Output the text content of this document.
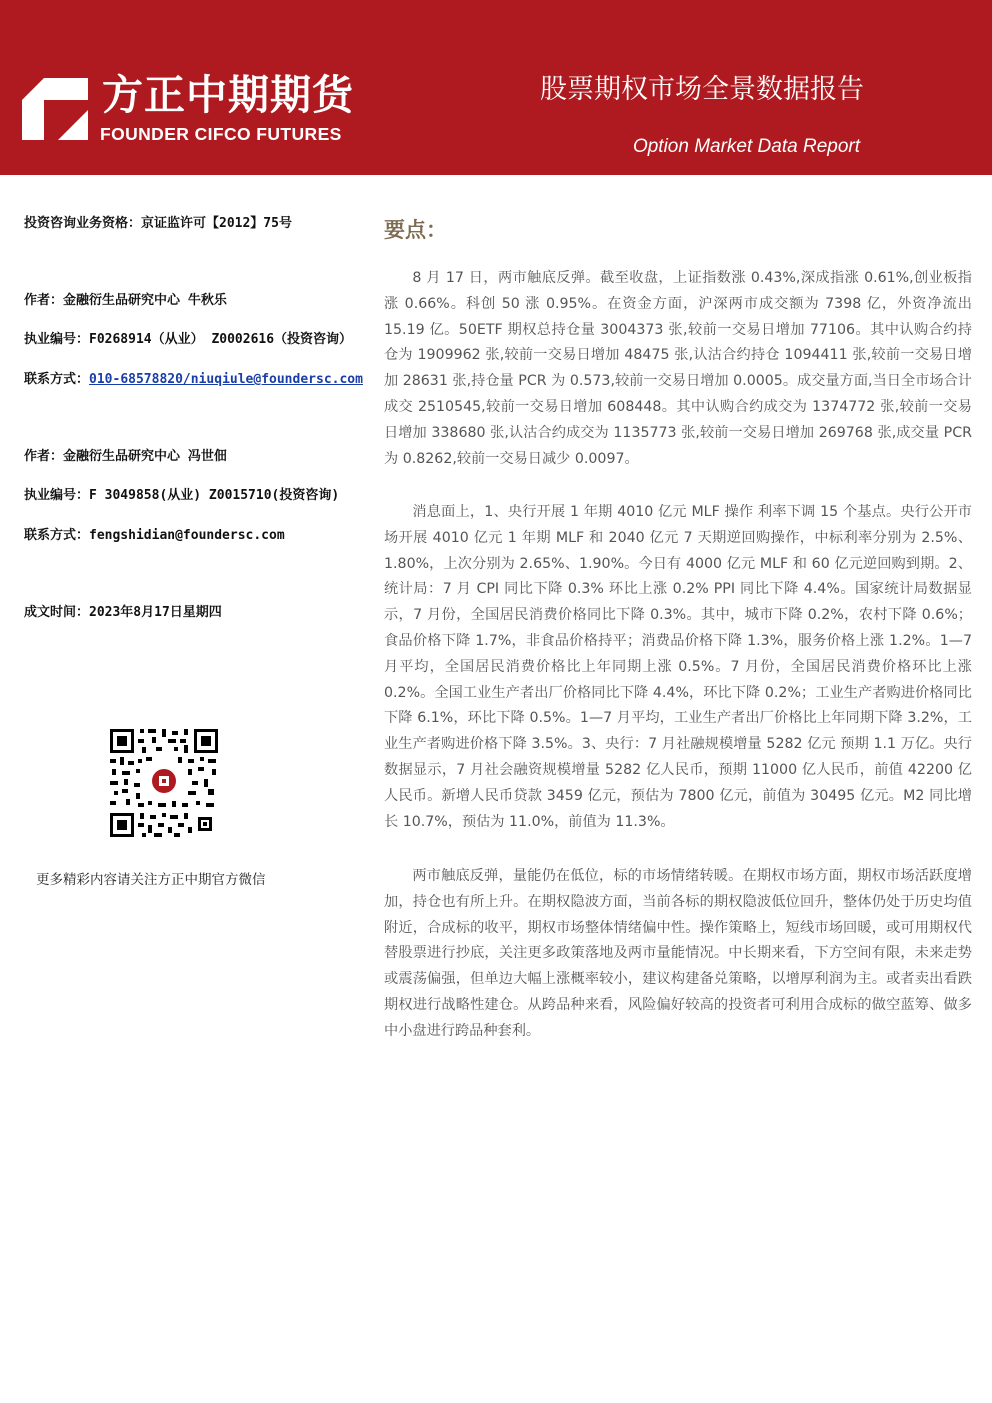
方正中期期货
FOUNDER CIFCO FUTURES
股票期权市场全景数据报告
Option Market Data Report
投资咨询业务资格：京证监许可【2012】75号
作者：金融衍生品研究中心 牛秋乐
执业编号：F0268914（从业） Z0002616（投资咨询）
联系方式：010-68578820/niuqiule@foundersc.com
作者：金融衍生品研究中心 冯世佃
执业编号：F 3049858(从业) Z0015710(投资咨询)
联系方式：fengshidian@foundersc.com
成文时间：2023年8月17日星期四
更多精彩内容请关注方正中期官方微信
要点：

8 月 17 日，两市触底反弹。截至收盘，上证指数涨 0.43%,深成指涨 0.61%,创业板指涨 0.66%。科创 50 涨 0.95%。在资金方面，沪深两市成交额为 7398 亿，外资净流出 15.19 亿。50ETF 期权总持仓量 3004373 张,较前一交易日增加 77106。其中认购合约持仓为 1909962 张,较前一交易日增加 48475 张,认沽合约持仓 1094411 张,较前一交易日增加 28631 张,持仓量 PCR 为 0.573,较前一交易日增加 0.0005。成交量方面,当日全市场合计成交 2510545,较前一交易日增加 608448。其中认购合约成交为 1374772 张,较前一交易日增加 338680 张,认沽合约成交为 1135773 张,较前一交易日增加 269768 张,成交量 PCR 为 0.8262,较前一交易日减少 0.0097。

消息面上，1、央行开展 1 年期 4010 亿元 MLF 操作 利率下调 15 个基点。央行公开市场开展 4010 亿元 1 年期 MLF 和 2040 亿元 7 天期逆回购操作，中标利率分别为 2.5%、1.80%，上次分别为 2.65%、1.90%。今日有 4000 亿元 MLF 和 60 亿元逆回购到期。2、统计局：7 月 CPI 同比下降 0.3% 环比上涨 0.2% PPI 同比下降 4.4%。国家统计局数据显示，7 月份，全国居民消费价格同比下降 0.3%。其中，城市下降 0.2%，农村下降 0.6%；食品价格下降 1.7%，非食品价格持平；消费品价格下降 1.3%，服务价格上涨 1.2%。1—7 月平均，全国居民消费价格比上年同期上涨 0.5%。7 月份，全国居民消费价格环比上涨 0.2%。全国工业生产者出厂价格同比下降 4.4%，环比下降 0.2%；工业生产者购进价格同比下降 6.1%，环比下降 0.5%。1—7 月平均，工业生产者出厂价格比上年同期下降 3.2%，工业生产者购进价格下降 3.5%。3、央行：7 月社融规模增量 5282 亿元 预期 1.1 万亿。央行数据显示，7 月社会融资规模增量 5282 亿人民币，预期 11000 亿人民币，前值 42200 亿人民币。新增人民币贷款 3459 亿元，预估为 7800 亿元，前值为 30495 亿元。M2 同比增长 10.7%，预估为 11.0%，前值为 11.3%。

两市触底反弹，量能仍在低位，标的市场情绪转暖。在期权市场方面，期权市场活跃度增加，持仓也有所上升。在期权隐波方面，当前各标的期权隐波低位回升，整体仍处于历史均值附近，合成标的收平，期权市场整体情绪偏中性。操作策略上，短线市场回暖，或可用期权代替股票进行抄底，关注更多政策落地及两市量能情况。中长期来看，下方空间有限，未来走势或震荡偏强，但单边大幅上涨概率较小，建议构建备兑策略，以增厚利润为主。或者卖出看跌期权进行战略性建仓。从跨品种来看，风险偏好较高的投资者可利用合成标的做空蓝筹、做多中小盘进行跨品种套利。
